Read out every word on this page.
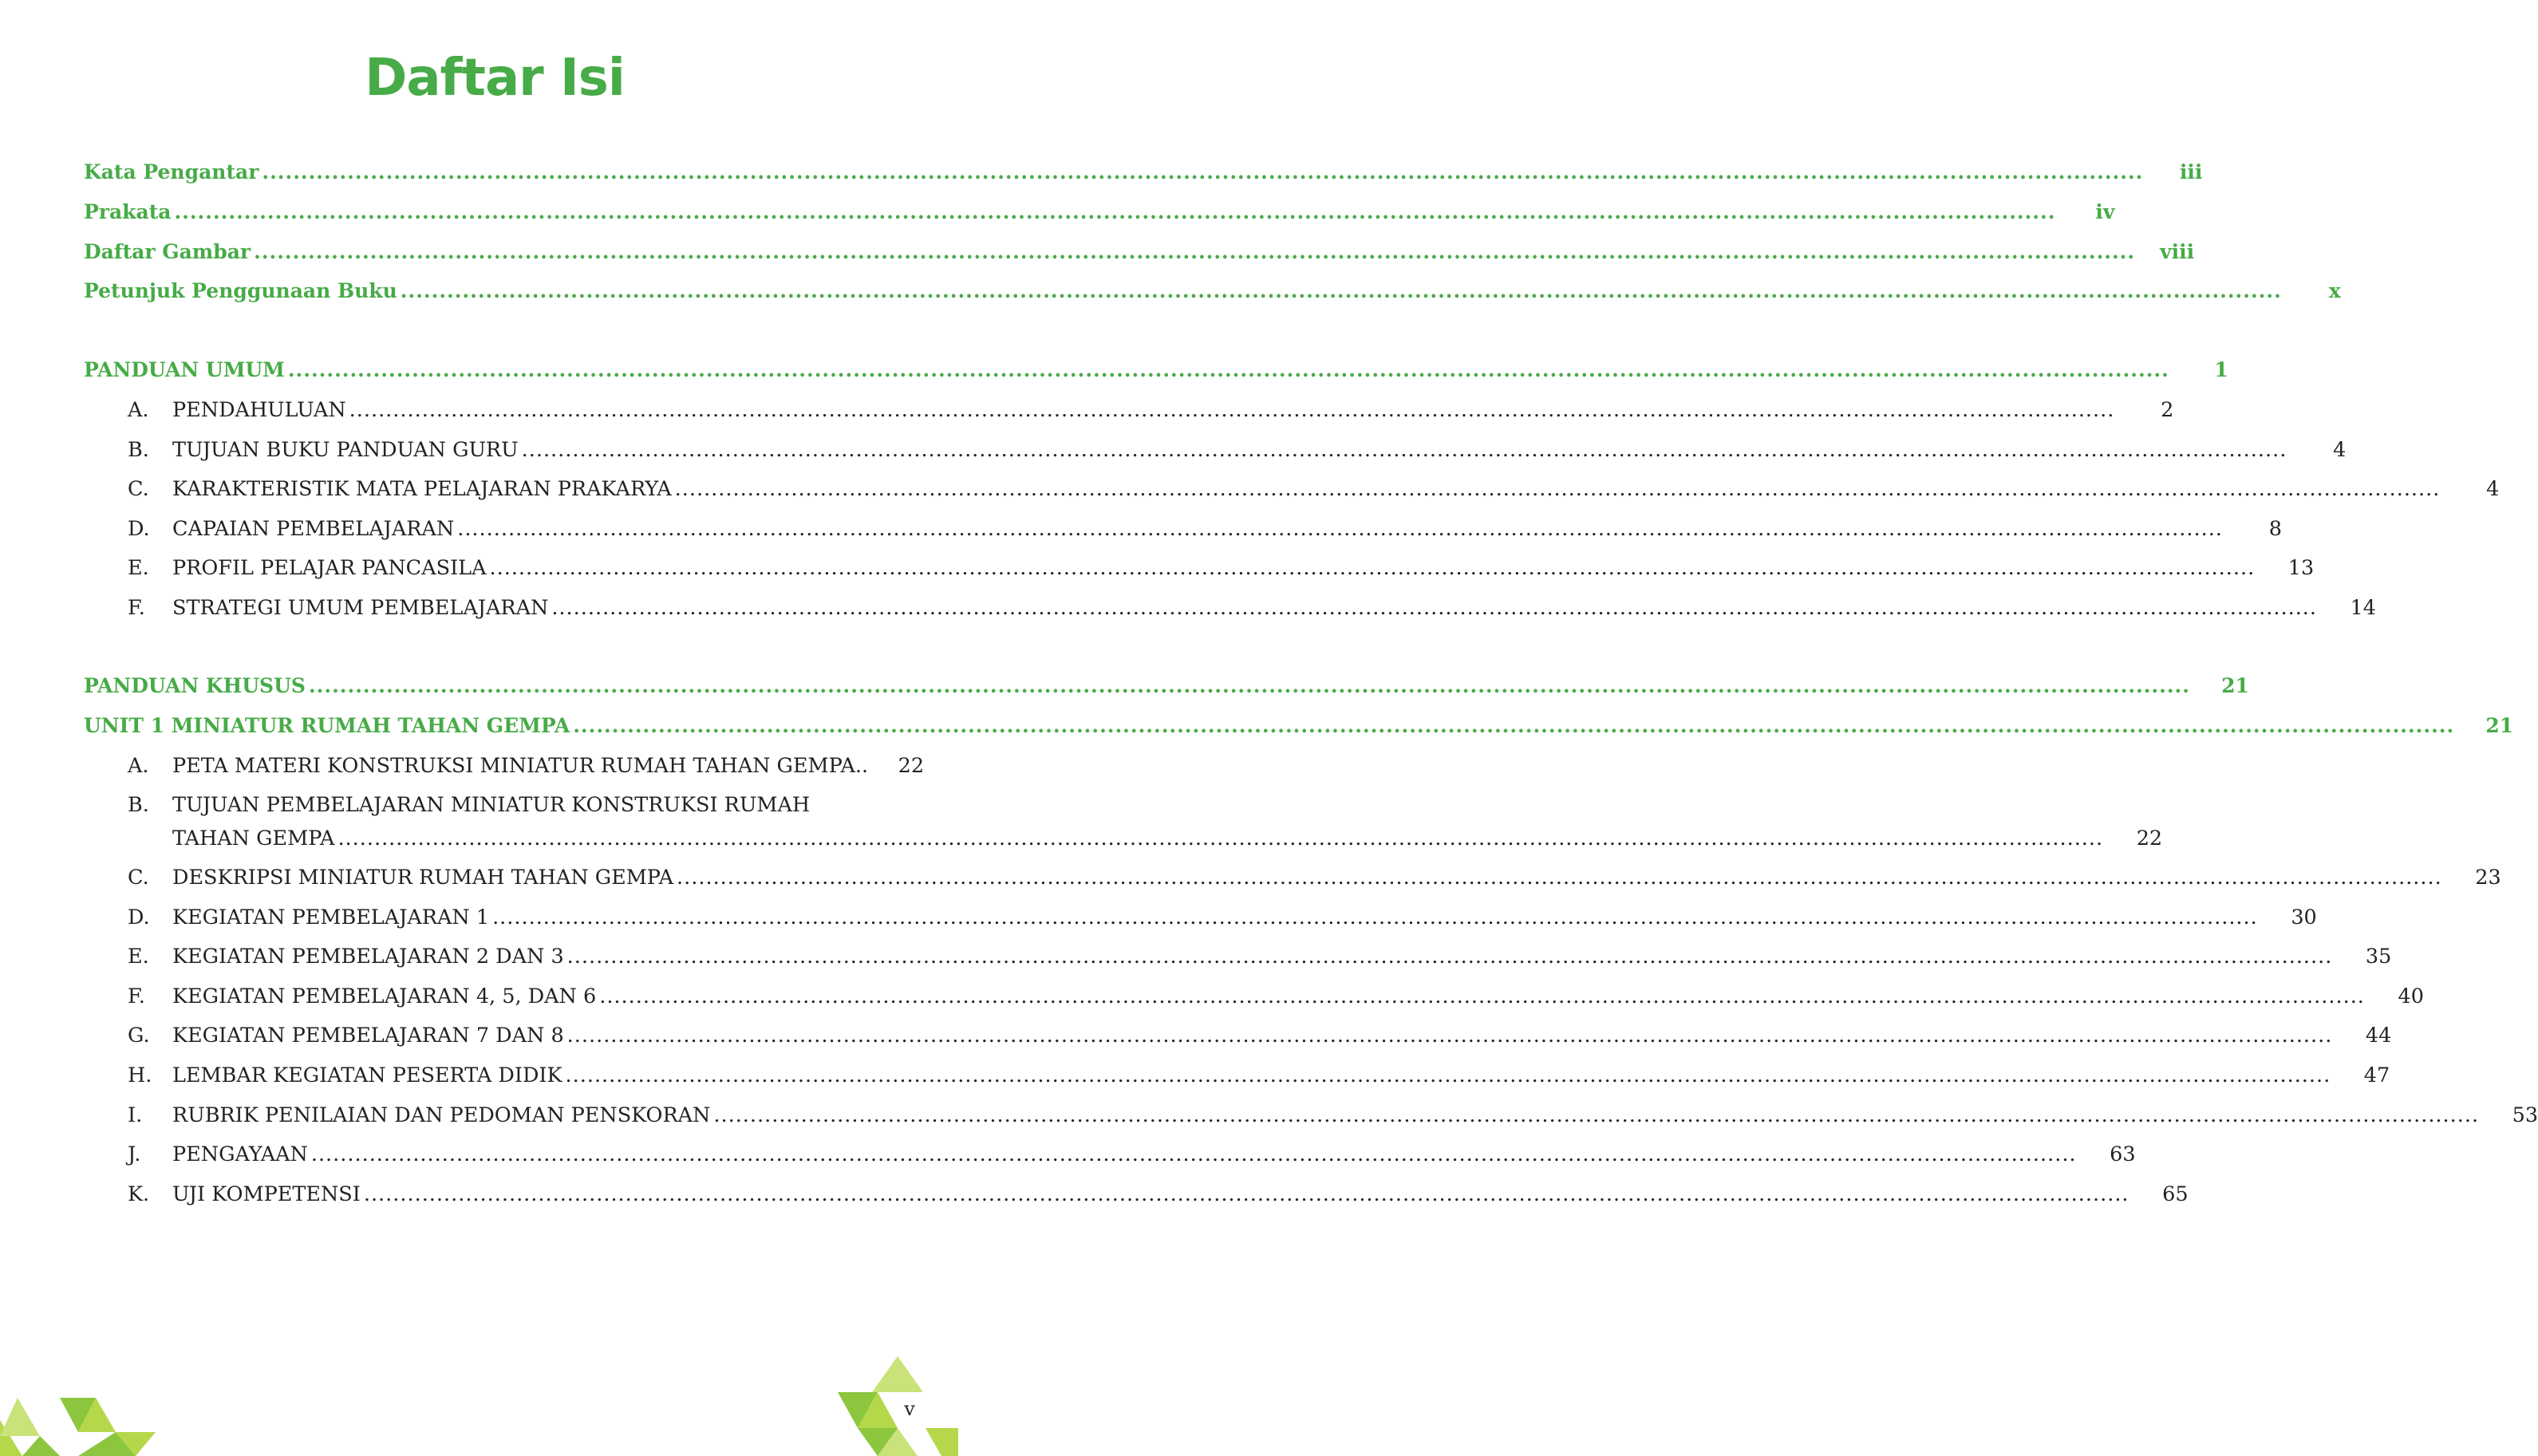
Daftar Isi
Kata Pengantar .....	iii
Prakata .....	iv
Daftar Gambar .....	viii
Petunjuk Penggunaan Buku .....	x
PANDUAN UMUM .....	1
A.	PENDAHULUAN .....	2
B.	TUJUAN BUKU PANDUAN GURU .....	4
C.	KARAKTERISTIK MATA PELAJARAN PRAKARYA .....	4
D.	CAPAIAN PEMBELAJARAN .....	8
E.	PROFIL PELAJAR PANCASILA .....	13
F.	STRATEGI UMUM PEMBELAJARAN .....	14
PANDUAN KHUSUS .....	21
UNIT 1 MINIATUR RUMAH TAHAN GEMPA .....	21
A.	PETA MATERI KONSTRUKSI MINIATUR RUMAH TAHAN GEMPA..	22
B. TUJUAN PEMBELAJARAN MINIATUR KONSTRUKSI RUMAH
TAHAN GEMPA .....	22
C.	DESKRIPSI MINIATUR RUMAH TAHAN GEMPA .....	23
D.	KEGIATAN PEMBELAJARAN 1 .....	30
E.	KEGIATAN PEMBELAJARAN 2 DAN 3 .....	35
F.	KEGIATAN PEMBELAJARAN 4, 5, DAN 6 .....	40
G.	KEGIATAN PEMBELAJARAN 7 DAN 8 .....	44
H.	LEMBAR KEGIATAN PESERTA DIDIK .....	47
I.	RUBRIK PENILAIAN DAN PEDOMAN PENSKORAN .....	53
J.	PENGAYAAN .....	63
K.	UJI KOMPETENSI .....	65
v
